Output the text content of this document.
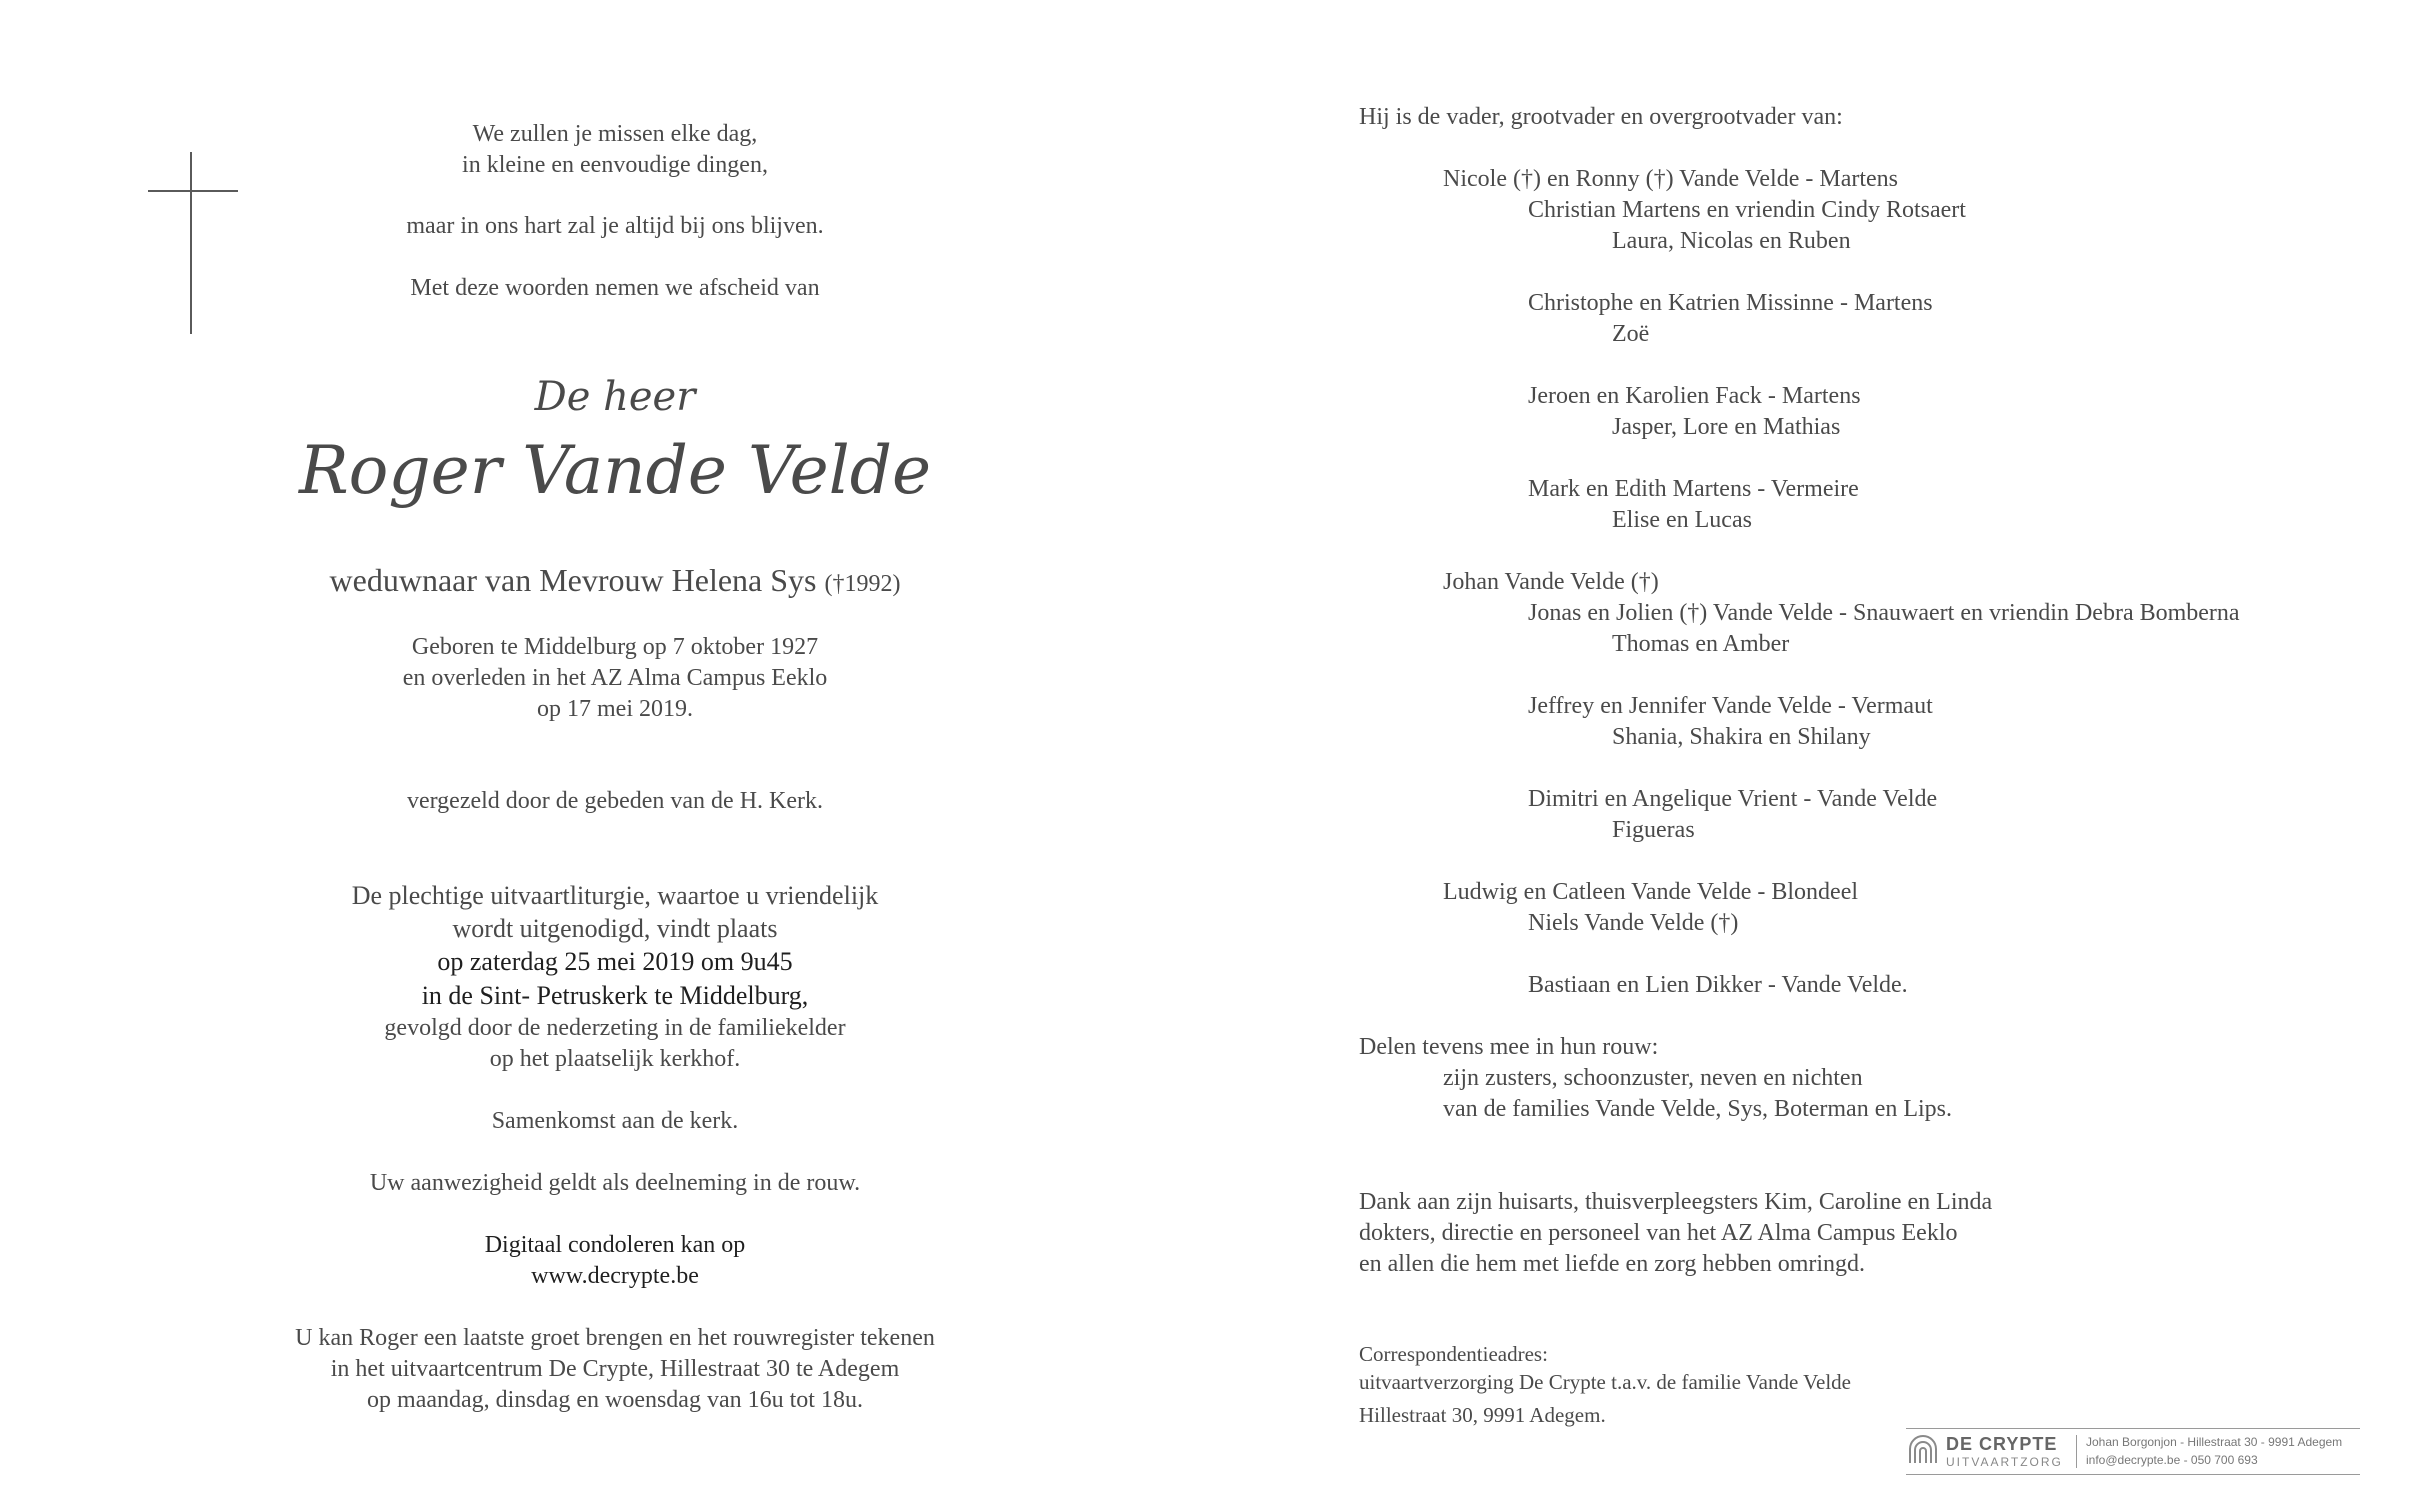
We zullen je missen elke dag,
in kleine en eenvoudige dingen,
maar in ons hart zal je altijd bij ons blijven.
Met deze woorden nemen we afscheid van
De heer
Roger Vande Velde
weduwnaar van Mevrouw Helena Sys (†1992)
Geboren te Middelburg op 7 oktober 1927
en overleden in het AZ Alma Campus Eeklo
op 17 mei 2019.
vergezeld door de gebeden van de H. Kerk.
De plechtige uitvaartliturgie, waartoe u vriendelijk
wordt uitgenodigd, vindt plaats
op zaterdag 25 mei 2019 om 9u45
in de Sint- Petruskerk te Middelburg,
gevolgd door de nederzeting in de familiekelder
op het plaatselijk kerkhof.
Samenkomst aan de kerk.
Uw aanwezigheid geldt als deelneming in de rouw.
Digitaal condoleren kan op
www.decrypte.be
U kan Roger een laatste groet brengen en het rouwregister tekenen
in het uitvaartcentrum De Crypte, Hillestraat 30 te Adegem
op maandag, dinsdag en woensdag van 16u tot 18u.
Hij is de vader, grootvader en overgrootvader van:
Nicole (†) en Ronny (†) Vande Velde - Martens
Christian Martens en vriendin Cindy Rotsaert
Laura, Nicolas en Ruben
Christophe en Katrien Missinne - Martens
Zoë
Jeroen en Karolien Fack - Martens
Jasper, Lore en Mathias
Mark en Edith Martens - Vermeire
Elise en Lucas
Johan Vande Velde (†)
Jonas en Jolien (†) Vande Velde - Snauwaert en vriendin Debra Bomberna
Thomas en Amber
Jeffrey en Jennifer Vande Velde - Vermaut
Shania, Shakira en Shilany
Dimitri en Angelique Vrient - Vande Velde
Figueras
Ludwig en Catleen Vande Velde - Blondeel
Niels Vande Velde (†)
Bastiaan en Lien Dikker - Vande Velde.
Delen tevens mee in hun rouw:
zijn zusters, schoonzuster, neven en nichten
van de families Vande Velde, Sys, Boterman en Lips.
Dank aan zijn huisarts, thuisverpleegsters Kim, Caroline en Linda
dokters, directie en personeel van het AZ Alma Campus Eeklo
en allen die hem met liefde en zorg hebben omringd.
Correspondentieadres:
uitvaartverzorging De Crypte t.a.v. de familie Vande Velde
Hillestraat 30, 9991 Adegem.
DE CRYPTE
UITVAARTZORG
Johan Borgonjon - Hillestraat 30 - 9991 Adegem
info@decrypte.be - 050 700 693
